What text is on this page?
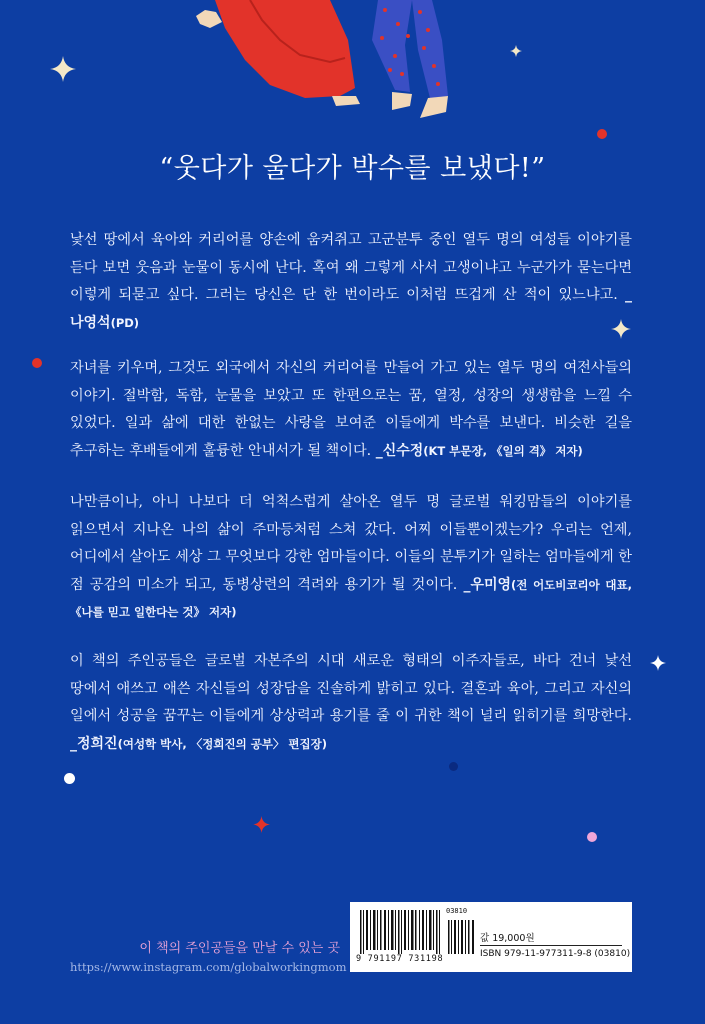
“웃다가 울다가 박수를 보냈다!”
낯선 땅에서 육아와 커리어를 양손에 움켜쥐고 고군분투 중인 열두 명의 여성들 이야기를 듣다 보면 웃음과 눈물이 동시에 난다. 혹여 왜 그렇게 사서 고생이냐고 누군가가 묻는다면 이렇게 되묻고 싶다. 그러는 당신은 단 한 번이라도 이처럼 뜨겁게 산 적이 있느냐고. _나영석(PD)
자녀를 키우며, 그것도 외국에서 자신의 커리어를 만들어 가고 있는 열두 명의 여전사들의 이야기. 절박함, 독함, 눈물을 보았고 또 한편으로는 꿈, 열정, 성장의 생생함을 느낄 수 있었다. 일과 삶에 대한 한없는 사랑을 보여준 이들에게 박수를 보낸다. 비슷한 길을 추구하는 후배들에게 훌륭한 안내서가 될 책이다. _신수정(KT 부문장, 《일의 격》 저자)
나만큼이나, 아니 나보다 더 억척스럽게 살아온 열두 명 글로벌 워킹맘들의 이야기를 읽으면서 지나온 나의 삶이 주마등처럼 스쳐 갔다. 어찌 이들뿐이겠는가? 우리는 언제, 어디에서 살아도 세상 그 무엇보다 강한 엄마들이다. 이들의 분투기가 일하는 엄마들에게 한 점 공감의 미소가 되고, 동병상련의 격려와 용기가 될 것이다. _우미영(전 어도비코리아 대표, 《나를 믿고 일한다는 것》 저자)
이 책의 주인공들은 글로벌 자본주의 시대 새로운 형태의 이주자들로, 바다 건너 낯선 땅에서 애쓰고 애쓴 자신들의 성장담을 진솔하게 밝히고 있다. 결혼과 육아, 그리고 자신의 일에서 성공을 꿈꾸는 이들에게 상상력과 용기를 줄 이 귀한 책이 널리 읽히기를 희망한다. _정희진(여성학 박사, 〈정희진의 공부〉 편집장)
이 책의 주인공들을 만날 수 있는 곳
https://www.instagram.com/globalworkingmom
03810
9 791197 731198
값 19,000원
ISBN 979-11-977311-9-8 (03810)
